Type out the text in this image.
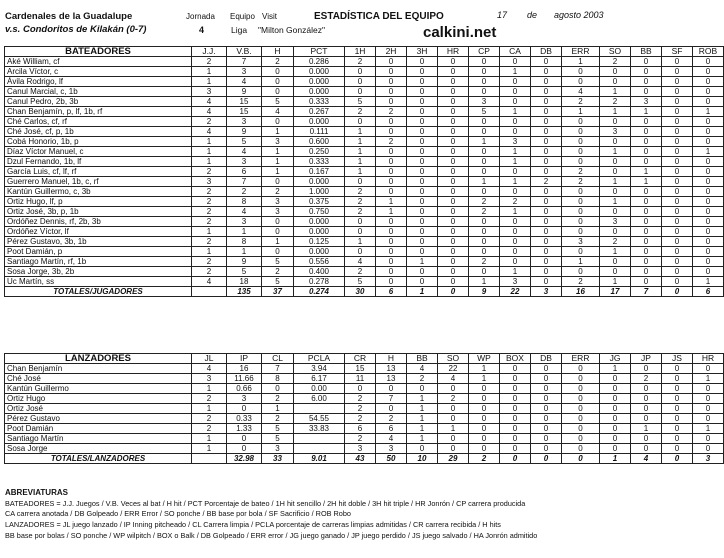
Cardenales de la Guadalupe
v.s. Condoritos de Kilakán (0-7)
Jornada
4
Equipo Visit
Liga "Milton González"
ESTADÍSTICA DEL EQUIPO
calkini.net
17 de agosto 2003
BATEADORES	J.J.	V.B.	H	PCT	1H	2H	3H	HR	CP	CA	DB	ERR	SO	BB	SF	ROB
Aké William, cf	2	7	2	0.286	2	0	0	0	0	0	0	1	2	0	0	0
Arcila Víctor, c	1	3	0	0.000	0	0	0	0	0	1	0	0	0	0	0	0
Ávila Rodrigo, lf	1	4	0	0.000	0	0	0	0	0	0	0	0	0	0	0	0
Canul Marcial, c, 1b	3	9	0	0.000	0	0	0	0	0	0	0	4	1	0	0	0
Canul Pedro, 2b, 3b	4	15	5	0.333	5	0	0	0	3	0	0	2	2	3	0	0
Chan Benjamín, p, lf, 1b, rf	4	15	4	0.267	2	2	0	0	5	1	0	1	1	1	0	1
Ché Carlos, cf, rf	2	3	0	0.000	0	0	0	0	0	0	0	0	0	0	0	0
Ché José, cf, p, 1b	4	9	1	0.111	1	0	0	0	0	0	0	0	3	0	0	0
Cobá Honorio, 1b, p	1	5	3	0.600	1	2	0	0	1	3	0	0	0	0	0	0
Díaz Víctor Manuel, c	1	4	1	0.250	1	0	0	0	0	1	0	0	1	0	0	1
Dzul Fernando, 1b, lf	1	3	1	0.333	1	0	0	0	0	1	0	0	0	0	0	0
García Luis, cf, lf, rf	2	6	1	0.167	1	0	0	0	0	0	0	2	0	1	0	0
Guerrero Manuel, 1b, c, rf	3	7	0	0.000	0	0	0	0	1	1	2	2	1	1	0	0
Kantún Guillermo, c, 3b	2	2	2	1.000	2	0	0	0	0	0	0	0	0	0	0	0
Ortiz Hugo, lf, p	2	8	3	0.375	2	1	0	0	2	2	0	0	1	0	0	0
Ortiz José, 3b, p, 1b	2	4	3	0.750	2	1	0	0	2	1	0	0	0	0	0	0
Ordóñez Dennis, rf, 2b, 3b	2	3	0	0.000	0	0	0	0	0	0	0	0	3	0	0	0
Ordóñez Víctor, lf	1	1	0	0.000	0	0	0	0	0	0	0	0	0	0	0	0
Pérez Gustavo, 3b, 1b	2	8	1	0.125	1	0	0	0	0	0	0	3	2	0	0	0
Poot Damián, p	1	1	0	0.000	0	0	0	0	0	0	0	0	1	0	0	0
Santiago Martín, rf, 1b	2	9	5	0.556	4	0	1	0	2	0	0	1	0	0	0	0
Sosa Jorge, 3b, 2b	2	5	2	0.400	2	0	0	0	0	1	0	0	0	0	0	0
Uc Martín, ss	4	18	5	0.278	5	0	0	0	1	3	0	2	1	0	0	1
TOTALES/JUGADORES		135	37	0.274	30	6	1	0	9	22	3	16	17	7	0	6
LANZADORES	JL	IP	CL	PCLA	CR	H	BB	SO	WP	BOX	DB	ERR	JG	JP	JS	HR
Chan Benjamín	4	16	7	3.94	15	13	4	22	1	0	0	0	1	0	0	0
Ché José	3	11.66	8	6.17	11	13	2	4	1	0	0	0	0	2	0	1
Kantún Guillermo	1	0.66	0	0.00	0	0	0	0	0	0	0	0	0	0	0	0
Ortiz Hugo	2	3	2	6.00	2	7	1	2	0	0	0	0	0	0	0	0
Ortiz José	1	0	1		2	0	1	0	0	0	0	0	0	0	0	0
Pérez Gustavo	2	0.33	2	54.55	2	2	1	0	0	0	0	0	0	0	0	0
Poot Damián	2	1.33	5	33.83	6	6	1	1	0	0	0	0	0	1	0	1
Santiago Martín	1	0	5		2	4	1	0	0	0	0	0	0	0	0	0
Sosa Jorge	1	0	3		3	3	0	0	0	0	0	0	0	0	0	0
TOTALES/LANZADORES		32.98	33	9.01	43	50	10	29	2	0	0	0	1	4	0	3
ABREVIATURAS
BATEADORES = J.J. Juegos / V.B. Veces al bat / H hit / PCT Porcentaje de bateo / 1H hit sencillo / 2H hit doble / 3H hit triple / HR Jonrón / CP carrera producida
CA carrera anotada / DB Golpeado / ERR Error / SO ponche / BB base por bola / SF Sacrificio / ROB Robo
LANZADORES = JL juego lanzado / IP Inning pitcheado / CL Carrera limpia / PCLA porcentaje de carreras limpias admitidas / CR carrera recibida / H hits
BB base por bolas / SO ponche / WP wilpitch / BOX o Balk / DB Golpeado / ERR error / JG juego ganado / JP juego perdido / JS juego salvado / HA Jonrón admitido
